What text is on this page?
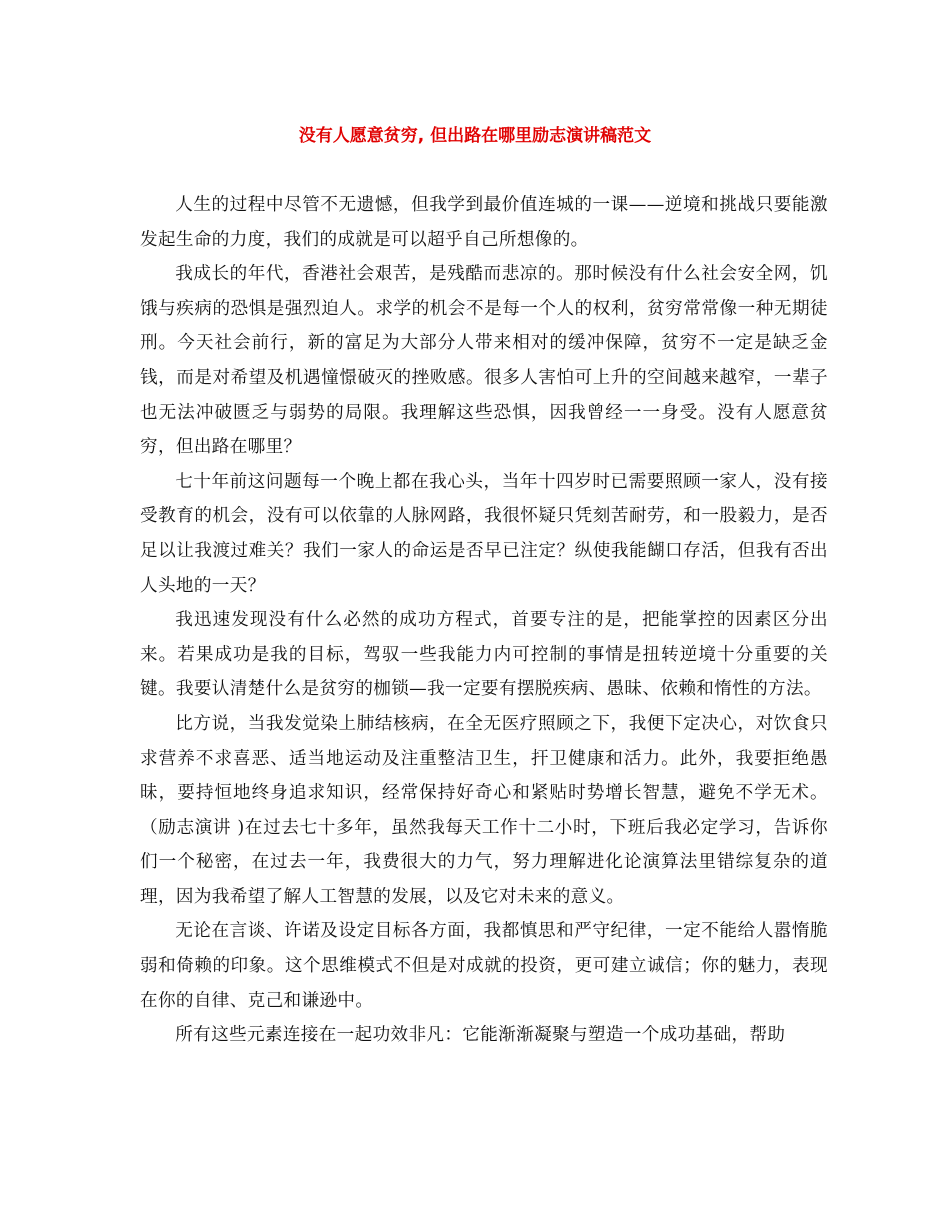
没有人愿意贫穷, 但出路在哪里励志演讲稿范文

人生的过程中尽管不无遗憾，但我学到最价值连城的一课——逆境和挑战只要能激发起生命的力度，我们的成就是可以超乎自己所想像的。

我成长的年代，香港社会艰苦，是残酷而悲凉的。那时候没有什么社会安全网，饥饿与疾病的恐惧是强烈迫人。求学的机会不是每一个人的权利，贫穷常常像一种无期徒刑。今天社会前行，新的富足为大部分人带来相对的缓冲保障，贫穷不一定是缺乏金钱，而是对希望及机遇憧憬破灭的挫败感。很多人害怕可上升的空间越来越窄，一辈子也无法冲破匮乏与弱势的局限。我理解这些恐惧，因我曾经一一身受。没有人愿意贫穷，但出路在哪里？

七十年前这问题每一个晚上都在我心头，当年十四岁时已需要照顾一家人，没有接受教育的机会，没有可以依靠的人脉网路，我很怀疑只凭刻苦耐劳，和一股毅力，是否足以让我渡过难关？我们一家人的命运是否早已注定？纵使我能餬口存活，但我有否出人头地的一天？

我迅速发现没有什么必然的成功方程式，首要专注的是，把能掌控的因素区分出来。若果成功是我的目标，驾驭一些我能力内可控制的事情是扭转逆境十分重要的关键。我要认清楚什么是贫穷的枷锁—我一定要有摆脱疾病、愚昧、依赖和惰性的方法。

比方说，当我发觉染上肺结核病，在全无医疗照顾之下，我便下定决心，对饮食只求营养不求喜恶、适当地运动及注重整洁卫生，扞卫健康和活力。此外，我要拒绝愚昧，要持恒地终身追求知识，经常保持好奇心和紧贴时势增长智慧，避免不学无术。（励志演讲 )在过去七十多年，虽然我每天工作十二小时，下班后我必定学习，告诉你们一个秘密，在过去一年，我费很大的力气，努力理解进化论演算法里错综复杂的道理，因为我希望了解人工智慧的发展，以及它对未来的意义。

无论在言谈、许诺及设定目标各方面，我都慎思和严守纪律，一定不能给人嚣惰脆弱和倚赖的印象。这个思维模式不但是对成就的投资，更可建立诚信；你的魅力，表现在你的自律、克己和谦逊中。

所有这些元素连接在一起功效非凡：它能渐渐凝聚与塑造一个成功基础，帮助
